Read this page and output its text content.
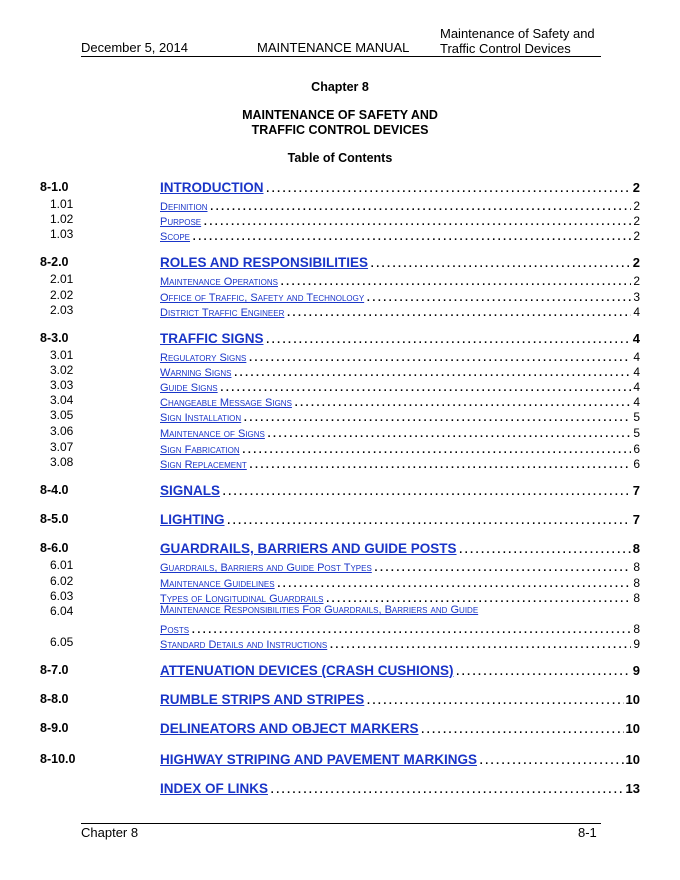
December 5, 2014	MAINTENANCE MANUAL
Maintenance of Safety and
Traffic Control Devices
Chapter 8
MAINTENANCE OF SAFETY AND
TRAFFIC CONTROL DEVICES
Table of Contents
8-1.0	INTRODUCTION .....	2
1.01	Definition .....	2
1.02	Purpose .....	2
1.03	Scope .....	2
8-2.0	ROLES AND RESPONSIBILITIES .....	2
2.01	Maintenance Operations .....	2
2.02	Office of Traffic, Safety and Technology .....	3
2.03	District Traffic Engineer .....	4
8-3.0	TRAFFIC SIGNS .....	4
3.01	Regulatory Signs .....	4
3.02	Warning Signs .....	4
3.03	Guide Signs .....	4
3.04	Changeable Message Signs .....	4
3.05	Sign Installation .....	5
3.06	Maintenance of Signs .....	5
3.07	Sign Fabrication .....	6
3.08	Sign Replacement .....	6
8-4.0	SIGNALS .....	7
8-5.0	LIGHTING .....	7
8-6.0	GUARDRAILS, BARRIERS AND GUIDE POSTS .....	8
6.01	Guardrails, Barriers and Guide Post Types .....	8
6.02	Maintenance Guidelines .....	8
6.03	Types of Longitudinal Guardrails .....	8
6.04	Maintenance Responsibilities For Guardrails, Barriers and Guide
Posts .....	8
6.05	Standard Details and Instructions .....	9
8-7.0	ATTENUATION DEVICES (CRASH CUSHIONS) .....	9
8-8.0	RUMBLE STRIPS AND STRIPES .....	10
8-9.0	DELINEATORS AND OBJECT MARKERS .....	10
8-10.0	HIGHWAY STRIPING AND PAVEMENT MARKINGS .....	10
INDEX OF LINKS .....	13
Chapter 8	8-1
